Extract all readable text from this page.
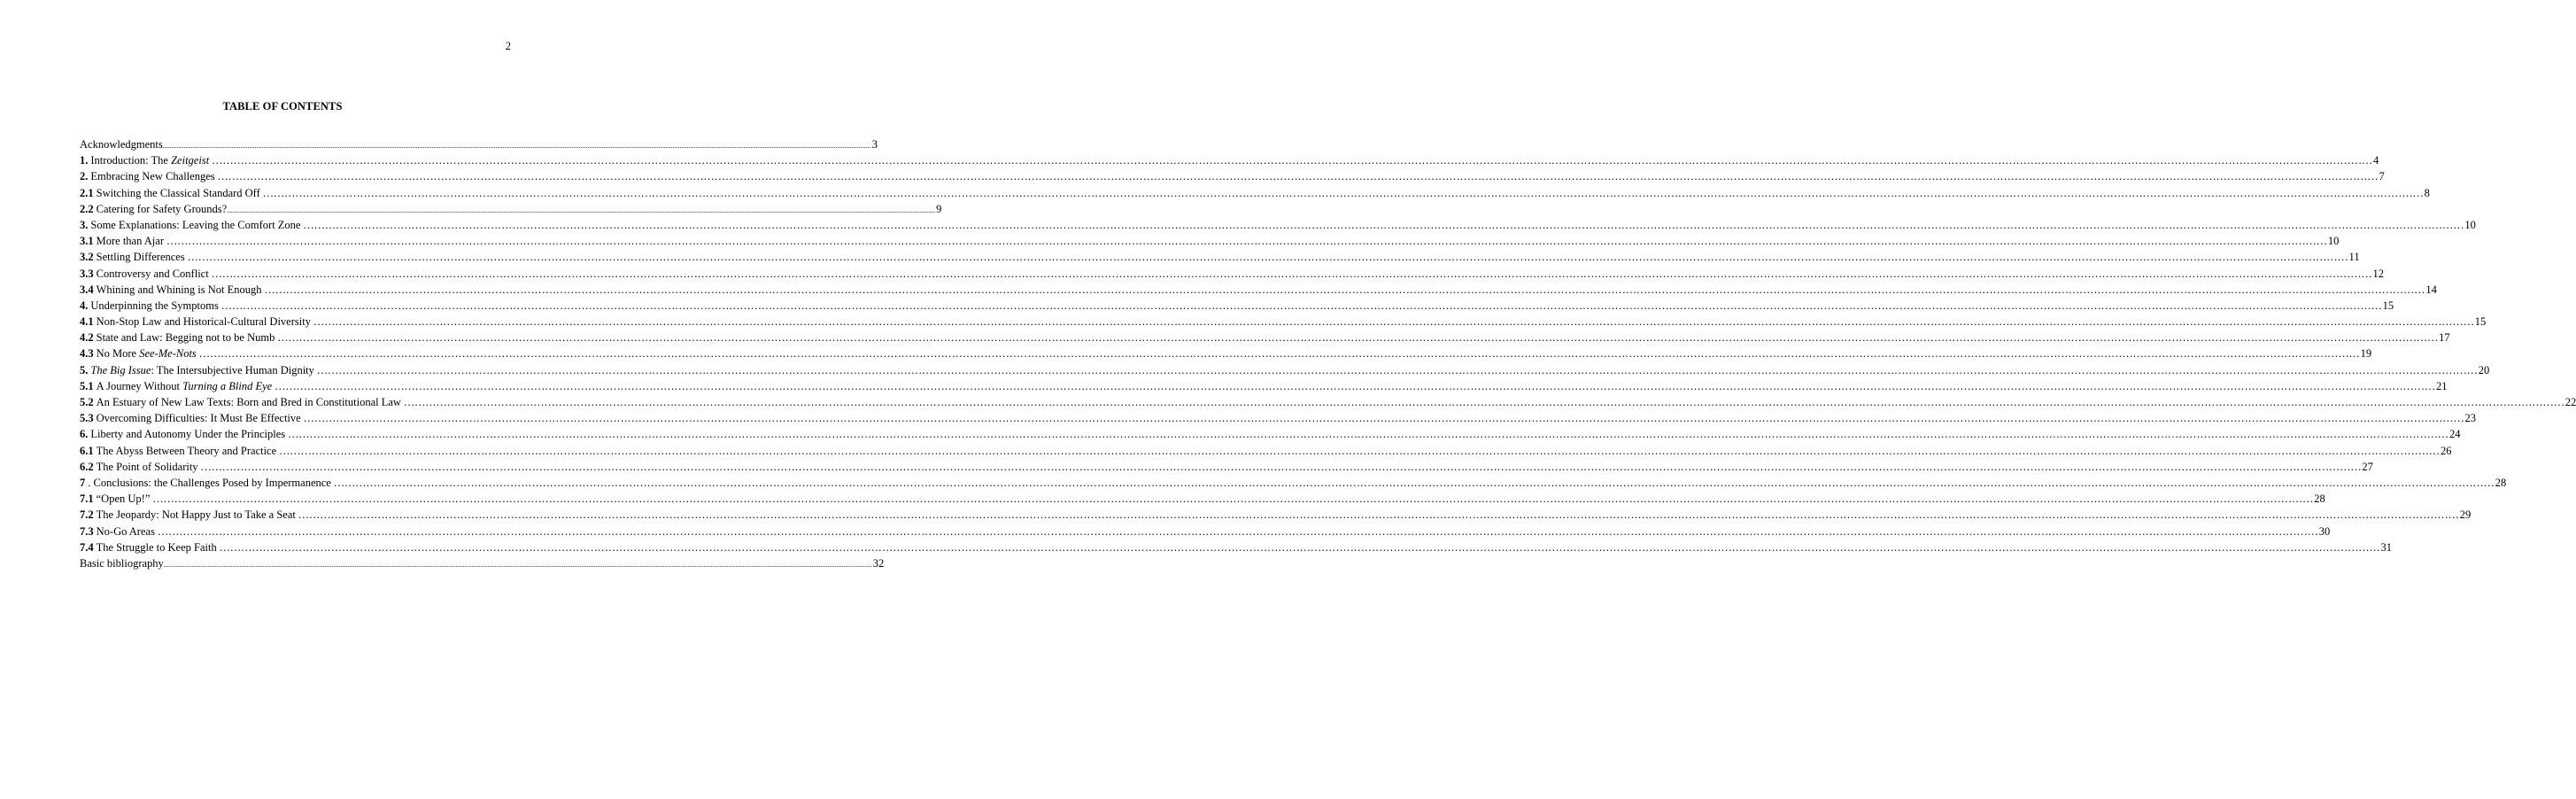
2
TABLE OF CONTENTS
Acknowledgments ................................................................................................................................................................................................................................................................................................................................................................................................................ 3
1. Introduction: The Zeitgeist …………………………………………………………………………………………………………………………………………………………………………………………………………………………………………………………………………………………………………………………………………………………………………………………………………………………………………………………………………………………………………………………………………………… 4
2. Embracing New Challenges …………………………………………………………………………………………………………………………………………………………………………………………………………………………………………………………………………………………………………………………………………………………………………………………………………………………………………………………………………………………………………………………………………………… 7
2.1 Switching the Classical Standard Off …………………………………………………………………………………………………………………………………………………………………………………………………………………………………………………………………………………………………………………………………………………………………………………………………………………………………………………………………………………………………………………………………………………… 8
2.2 Catering for Safety Grounds? ................................................................................................................................................................................................................................................................................................................................................................................................................ 9
3. Some Explanations: Leaving the Comfort Zone …………………………………………………………………………………………………………………………………………………………………………………………………………………………………………………………………………………………………………………………………………………………………………………………………………………………………………………………………………………………………………………………………………………… 10
3.1 More than Ajar …………………………………………………………………………………………………………………………………………………………………………………………………………………………………………………………………………………………………………………………………………………………………………………………………………………………………………………………………………………………………………………………………………………… 10
3.2 Settling Differences …………………………………………………………………………………………………………………………………………………………………………………………………………………………………………………………………………………………………………………………………………………………………………………………………………………………………………………………………………………………………………………………………………………… 11
3.3 Controversy and Conflict …………………………………………………………………………………………………………………………………………………………………………………………………………………………………………………………………………………………………………………………………………………………………………………………………………………………………………………………………………………………………………………………………………………… 12
3.4 Whining and Whining is Not Enough …………………………………………………………………………………………………………………………………………………………………………………………………………………………………………………………………………………………………………………………………………………………………………………………………………………………………………………………………………………………………………………………………………………… 14
4. Underpinning the Symptoms …………………………………………………………………………………………………………………………………………………………………………………………………………………………………………………………………………………………………………………………………………………………………………………………………………………………………………………………………………………………………………………………………………………… 15
4.1 Non-Stop Law and Historical-Cultural Diversity …………………………………………………………………………………………………………………………………………………………………………………………………………………………………………………………………………………………………………………………………………………………………………………………………………………………………………………………………………………………………………………………………………………… 15
4.2 State and Law: Begging not to be Numb …………………………………………………………………………………………………………………………………………………………………………………………………………………………………………………………………………………………………………………………………………………………………………………………………………………………………………………………………………………………………………………………………………………… 17
4.3 No More See-Me-Nots …………………………………………………………………………………………………………………………………………………………………………………………………………………………………………………………………………………………………………………………………………………………………………………………………………………………………………………………………………………………………………………………………………………… 19
5. The Big Issue: The Intersubjective Human Dignity …………………………………………………………………………………………………………………………………………………………………………………………………………………………………………………………………………………………………………………………………………………………………………………………………………………………………………………………………………………………………………………………………………………… 20
5.1 A Journey Without Turning a Blind Eye …………………………………………………………………………………………………………………………………………………………………………………………………………………………………………………………………………………………………………………………………………………………………………………………………………………………………………………………………………………………………………………………………………………… 21
5.2 An Estuary of New Law Texts: Born and Bred in Constitutional Law …………………………………………………………………………………………………………………………………………………………………………………………………………………………………………………………………………………………………………………………………………………………………………………………………………………………………………………………………………………………………………………………………………………… 22
5.3 Overcoming Difficulties: It Must Be Effective …………………………………………………………………………………………………………………………………………………………………………………………………………………………………………………………………………………………………………………………………………………………………………………………………………………………………………………………………………………………………………………………………………………… 23
6. Liberty and Autonomy Under the Principles …………………………………………………………………………………………………………………………………………………………………………………………………………………………………………………………………………………………………………………………………………………………………………………………………………………………………………………………………………………………………………………………………………………… 24
6.1 The Abyss Between Theory and Practice …………………………………………………………………………………………………………………………………………………………………………………………………………………………………………………………………………………………………………………………………………………………………………………………………………………………………………………………………………………………………………………………………………………… 26
6.2 The Point of Solidarity …………………………………………………………………………………………………………………………………………………………………………………………………………………………………………………………………………………………………………………………………………………………………………………………………………………………………………………………………………………………………………………………………………………… 27
7 . Conclusions: the Challenges Posed by Impermanence …………………………………………………………………………………………………………………………………………………………………………………………………………………………………………………………………………………………………………………………………………………………………………………………………………………………………………………………………………………………………………………………………………………… 28
7.1 “Open Up!” …………………………………………………………………………………………………………………………………………………………………………………………………………………………………………………………………………………………………………………………………………………………………………………………………………………………………………………………………………………………………………………………………………………… 28
7.2 The Jeopardy: Not Happy Just to Take a Seat …………………………………………………………………………………………………………………………………………………………………………………………………………………………………………………………………………………………………………………………………………………………………………………………………………………………………………………………………………………………………………………………………………………… 29
7.3 No-Go Areas …………………………………………………………………………………………………………………………………………………………………………………………………………………………………………………………………………………………………………………………………………………………………………………………………………………………………………………………………………………………………………………………………………………… 30
7.4 The Struggle to Keep Faith …………………………………………………………………………………………………………………………………………………………………………………………………………………………………………………………………………………………………………………………………………………………………………………………………………………………………………………………………………………………………………………………………………………… 31
Basic bibliography ................................................................................................................................................................................................................................................................................................................................................................................................................ 32
